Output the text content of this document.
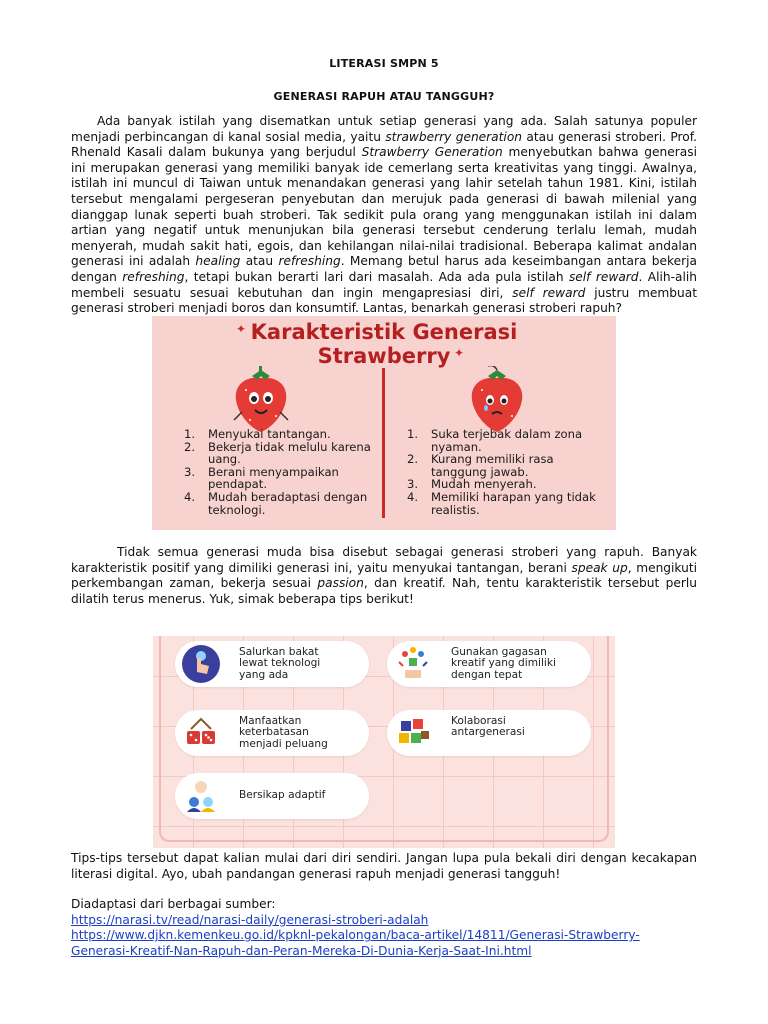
LITERASI SMPN 5
GENERASI RAPUH ATAU TANGGUH?

Ada banyak istilah yang disematkan untuk setiap generasi yang ada. Salah satunya populer menjadi perbincangan di kanal sosial media, yaitu strawberry generation atau generasi stroberi. Prof. Rhenald Kasali dalam bukunya yang berjudul Strawberry Generation menyebutkan bahwa generasi ini merupakan generasi yang memiliki banyak ide cemerlang serta kreativitas yang tinggi. Awalnya, istilah ini muncul di Taiwan untuk menandakan generasi yang lahir setelah tahun 1981. Kini, istilah tersebut mengalami pergeseran penyebutan dan merujuk pada generasi di bawah milenial yang dianggap lunak seperti buah stroberi. Tak sedikit pula orang yang menggunakan istilah ini dalam artian yang negatif untuk menunjukan bila generasi tersebut cenderung terlalu lemah, mudah menyerah, mudah sakit hati, egois, dan kehilangan nilai-nilai tradisional. Beberapa kalimat andalan generasi ini adalah healing atau refreshing. Memang betul harus ada keseimbangan antara bekerja dengan refreshing, tetapi bukan berarti lari dari masalah. Ada ada pula istilah self reward. Alih-alih membeli sesuatu sesuai kebutuhan dan ingin mengapresiasi diri, self reward justru membuat generasi stroberi menjadi boros dan konsumtif. Lantas, benarkah generasi stroberi rapuh?

Karakteristik Generasi
Strawberry
✦
✦
1. Menyukai tantangan.
2. Bekerja tidak melulu karena uang.
3. Berani menyampaikan pendapat.
4. Mudah beradaptasi dengan teknologi.
1. Suka terjebak dalam zona nyaman.
2. Kurang memiliki rasa tanggung jawab.
3. Mudah menyerah.
4. Memiliki harapan yang tidak realistis.

Tidak semua generasi muda bisa disebut sebagai generasi stroberi yang rapuh. Banyak karakteristik positif yang dimiliki generasi ini, yaitu menyukai tantangan, berani speak up, mengikuti perkembangan zaman, bekerja sesuai passion, dan kreatif. Nah, tentu karakteristik tersebut perlu dilatih terus menerus. Yuk, simak beberapa tips berikut!

Salurkan bakat
lewat teknologi
yang ada
Gunakan gagasan
kreatif yang dimiliki
dengan tepat
Manfaatkan
keterbatasan
menjadi peluang
Kolaborasi
antargenerasi
Bersikap adaptif

Tips-tips tersebut dapat kalian mulai dari diri sendiri. Jangan lupa pula bekali diri dengan kecakapan literasi digital. Ayo, ubah pandangan generasi rapuh menjadi generasi tangguh!

Diadaptasi dari berbagai sumber:
https://narasi.tv/read/narasi-daily/generasi-stroberi-adalah
https://www.djkn.kemenkeu.go.id/kpknl-pekalongan/baca-artikel/14811/Generasi-Strawberry-Generasi-Kreatif-Nan-Rapuh-dan-Peran-Mereka-Di-Dunia-Kerja-Saat-Ini.html
